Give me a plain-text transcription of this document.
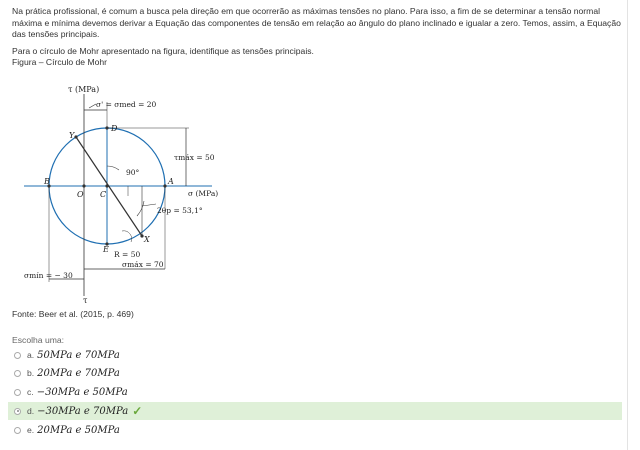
Na prática profissional, é comum a busca pela direção em que ocorrerão as máximas tensões no plano. Para isso, a fim de se determinar a tensão normal máxima e mínima devemos derivar a Equação das componentes de tensão em relação ao ângulo do plano inclinado e igualar a zero. Temos, assim, a Equação das tensões principais.

Para o círculo de Mohr apresentado na figura, identifique as tensões principais.

Figura – Círculo de Mohr

τ (MPa)
σ' = σmed = 20
D
Y
τmáx = 50
90°
B	A
σ (MPa)
O C
2θp = 53,1°
X
E
R = 50
σmáx = 70
σmín = − 30
τ
Fonte: Beer et al. (2015, p. 469)
Escolha uma:
a. 50MPa e 70MPa
b. 20MPa e 70MPa
c. −30MPa e 50MPa
d. −30MPa e 70MPa ✓
e. 20MPa e 50MPa
